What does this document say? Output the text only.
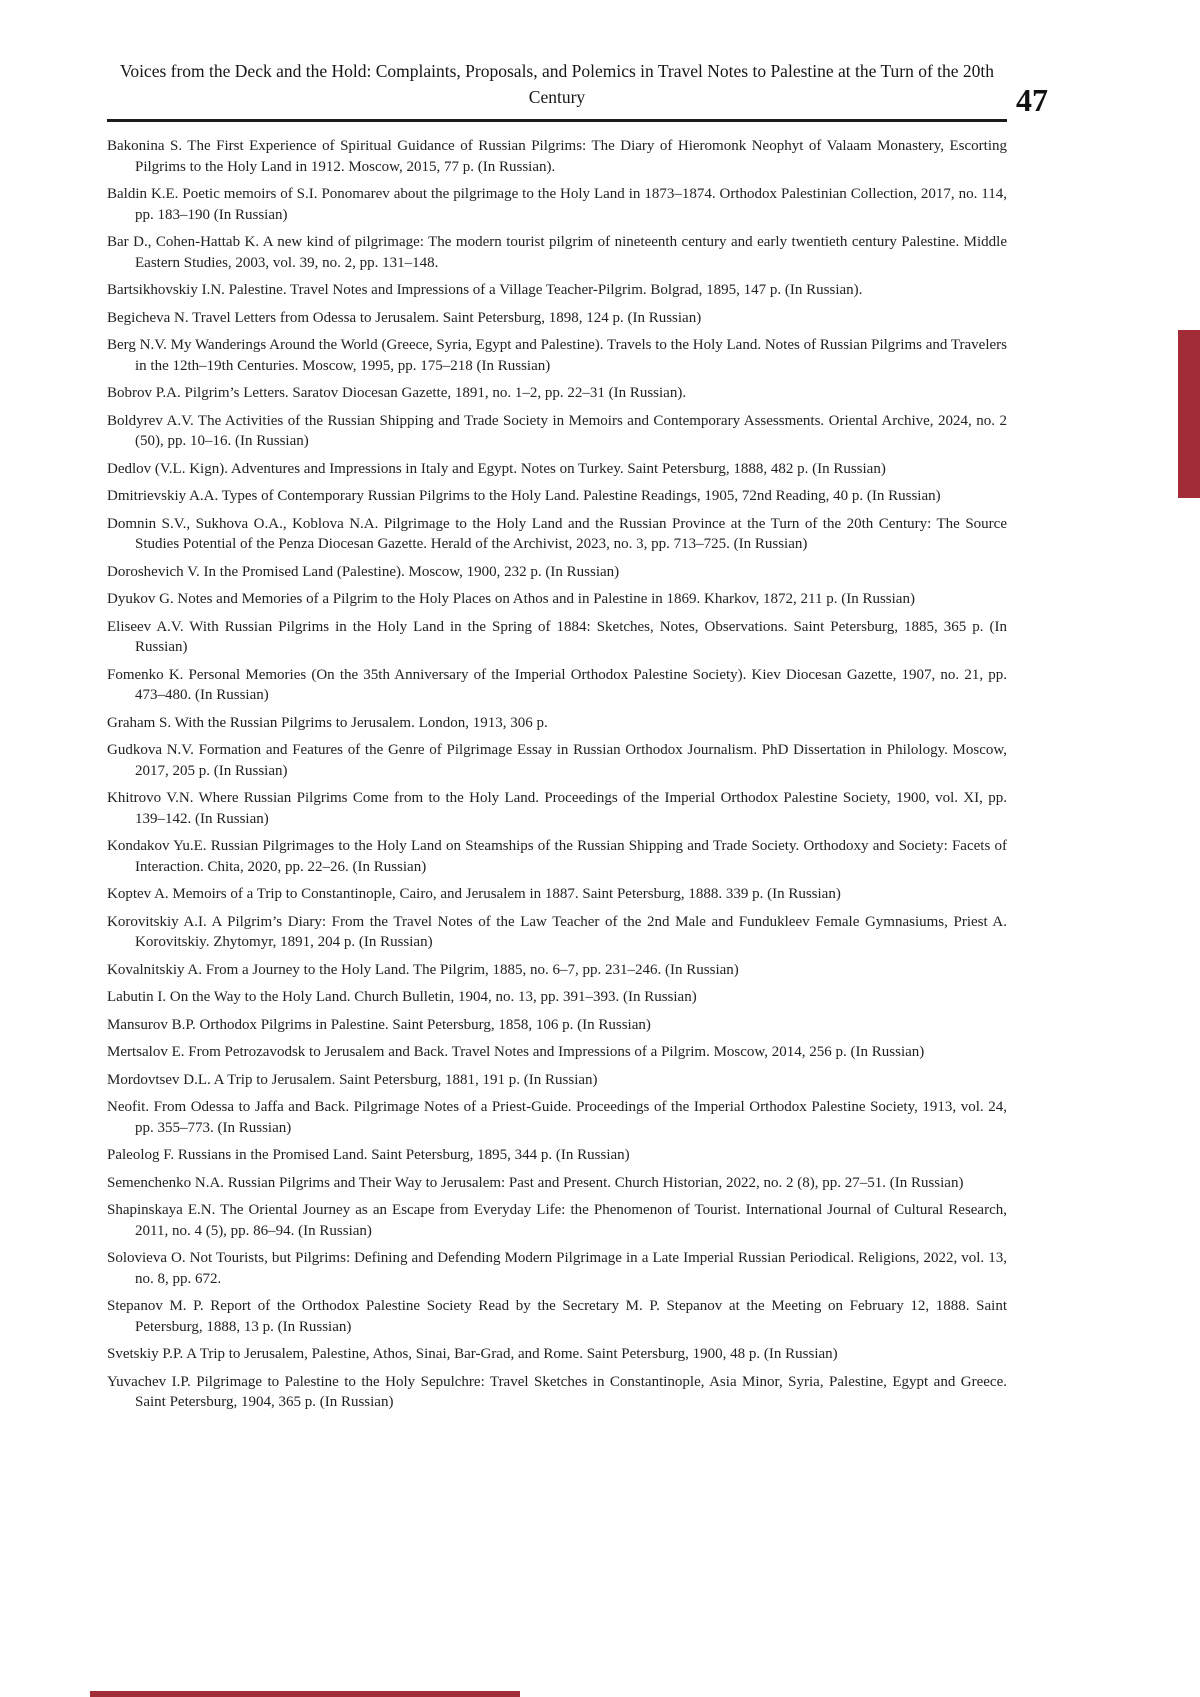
47
Voices from the Deck and the Hold: Complaints, Proposals, and Polemics in Travel Notes to Palestine at the Turn of the 20th Century

Bakonina S. The First Experience of Spiritual Guidance of Russian Pilgrims: The Diary of Hieromonk Neophyt of Valaam Monastery, Escorting Pilgrims to the Holy Land in 1912. Moscow, 2015, 77 p. (In Russian).

Baldin K.E. Poetic memoirs of S.I. Ponomarev about the pilgrimage to the Holy Land in 1873–1874. Orthodox Palestinian Collection, 2017, no. 114, pp. 183–190 (In Russian)

Bar D., Cohen-Hattab K. A new kind of pilgrimage: The modern tourist pilgrim of nineteenth century and early twentieth century Palestine. Middle Eastern Studies, 2003, vol. 39, no. 2, pp. 131–148.

Bartsikhovskiy I.N. Palestine. Travel Notes and Impressions of a Village Teacher-Pilgrim. Bolgrad, 1895, 147 p. (In Russian).

Begicheva N. Travel Letters from Odessa to Jerusalem. Saint Petersburg, 1898, 124 p. (In Russian)

Berg N.V. My Wanderings Around the World (Greece, Syria, Egypt and Palestine). Travels to the Holy Land. Notes of Russian Pilgrims and Travelers in the 12th–19th Centuries. Moscow, 1995, pp. 175–218 (In Russian)

Bobrov P.A. Pilgrim’s Letters. Saratov Diocesan Gazette, 1891, no. 1–2, pp. 22–31 (In Russian).

Boldyrev A.V. The Activities of the Russian Shipping and Trade Society in Memoirs and Contemporary Assessments. Oriental Archive, 2024, no. 2 (50), pp. 10–16. (In Russian)

Dedlov (V.L. Kign). Adventures and Impressions in Italy and Egypt. Notes on Turkey. Saint Petersburg, 1888, 482 p. (In Russian)

Dmitrievskiy A.A. Types of Contemporary Russian Pilgrims to the Holy Land. Palestine Readings, 1905, 72nd Reading, 40 p. (In Russian)

Domnin S.V., Sukhova O.A., Koblova N.A. Pilgrimage to the Holy Land and the Russian Province at the Turn of the 20th Century: The Source Studies Potential of the Penza Diocesan Gazette. Herald of the Archivist, 2023, no. 3, pp. 713–725. (In Russian)

Doroshevich V. In the Promised Land (Palestine). Moscow, 1900, 232 p. (In Russian)

Dyukov G. Notes and Memories of a Pilgrim to the Holy Places on Athos and in Palestine in 1869. Kharkov, 1872, 211 p. (In Russian)

Eliseev A.V. With Russian Pilgrims in the Holy Land in the Spring of 1884: Sketches, Notes, Observations. Saint Petersburg, 1885, 365 p. (In Russian)

Fomenko K. Personal Memories (On the 35th Anniversary of the Imperial Orthodox Palestine Society). Kiev Diocesan Gazette, 1907, no. 21, pp. 473–480. (In Russian)

Graham S. With the Russian Pilgrims to Jerusalem. London, 1913, 306 p.

Gudkova N.V. Formation and Features of the Genre of Pilgrimage Essay in Russian Orthodox Journalism. PhD Dissertation in Philology. Moscow, 2017, 205 p. (In Russian)

Khitrovo V.N. Where Russian Pilgrims Come from to the Holy Land. Proceedings of the Imperial Orthodox Palestine Society, 1900, vol. XI, pp. 139–142. (In Russian)

Kondakov Yu.E. Russian Pilgrimages to the Holy Land on Steamships of the Russian Shipping and Trade Society. Orthodoxy and Society: Facets of Interaction. Chita, 2020, pp. 22–26. (In Russian)

Koptev A. Memoirs of a Trip to Constantinople, Cairo, and Jerusalem in 1887. Saint Petersburg, 1888. 339 p. (In Russian)

Korovitskiy A.I. A Pilgrim’s Diary: From the Travel Notes of the Law Teacher of the 2nd Male and Fundukleev Female Gymnasiums, Priest A. Korovitskiy. Zhytomyr, 1891, 204 p. (In Russian)

Kovalnitskiy A. From a Journey to the Holy Land. The Pilgrim, 1885, no. 6–7, pp. 231–246. (In Russian)

Labutin I. On the Way to the Holy Land. Church Bulletin, 1904, no. 13, pp. 391–393. (In Russian)

Mansurov B.P. Orthodox Pilgrims in Palestine. Saint Petersburg, 1858, 106 p. (In Russian)

Mertsalov E. From Petrozavodsk to Jerusalem and Back. Travel Notes and Impressions of a Pilgrim. Moscow, 2014, 256 p. (In Russian)

Mordovtsev D.L. A Trip to Jerusalem. Saint Petersburg, 1881, 191 p. (In Russian)

Neofit. From Odessa to Jaffa and Back. Pilgrimage Notes of a Priest-Guide. Proceedings of the Imperial Orthodox Palestine Society, 1913, vol. 24, pp. 355–773. (In Russian)

Paleolog F. Russians in the Promised Land. Saint Petersburg, 1895, 344 p. (In Russian)

Semenchenko N.A. Russian Pilgrims and Their Way to Jerusalem: Past and Present. Church Historian, 2022, no. 2 (8), pp. 27–51. (In Russian)

Shapinskaya E.N. The Oriental Journey as an Escape from Everyday Life: the Phenomenon of Tourist. International Journal of Cultural Research, 2011, no. 4 (5), pp. 86–94. (In Russian)

Solovieva O. Not Tourists, but Pilgrims: Defining and Defending Modern Pilgrimage in a Late Imperial Russian Periodical. Religions, 2022, vol. 13, no. 8, pp. 672.

Stepanov M. P. Report of the Orthodox Palestine Society Read by the Secretary M. P. Stepanov at the Meeting on February 12, 1888. Saint Petersburg, 1888, 13 p. (In Russian)

Svetskiy P.P. A Trip to Jerusalem, Palestine, Athos, Sinai, Bar-Grad, and Rome. Saint Petersburg, 1900, 48 p. (In Russian)

Yuvachev I.P. Pilgrimage to Palestine to the Holy Sepulchre: Travel Sketches in Constantinople, Asia Minor, Syria, Palestine, Egypt and Greece. Saint Petersburg, 1904, 365 p. (In Russian)
